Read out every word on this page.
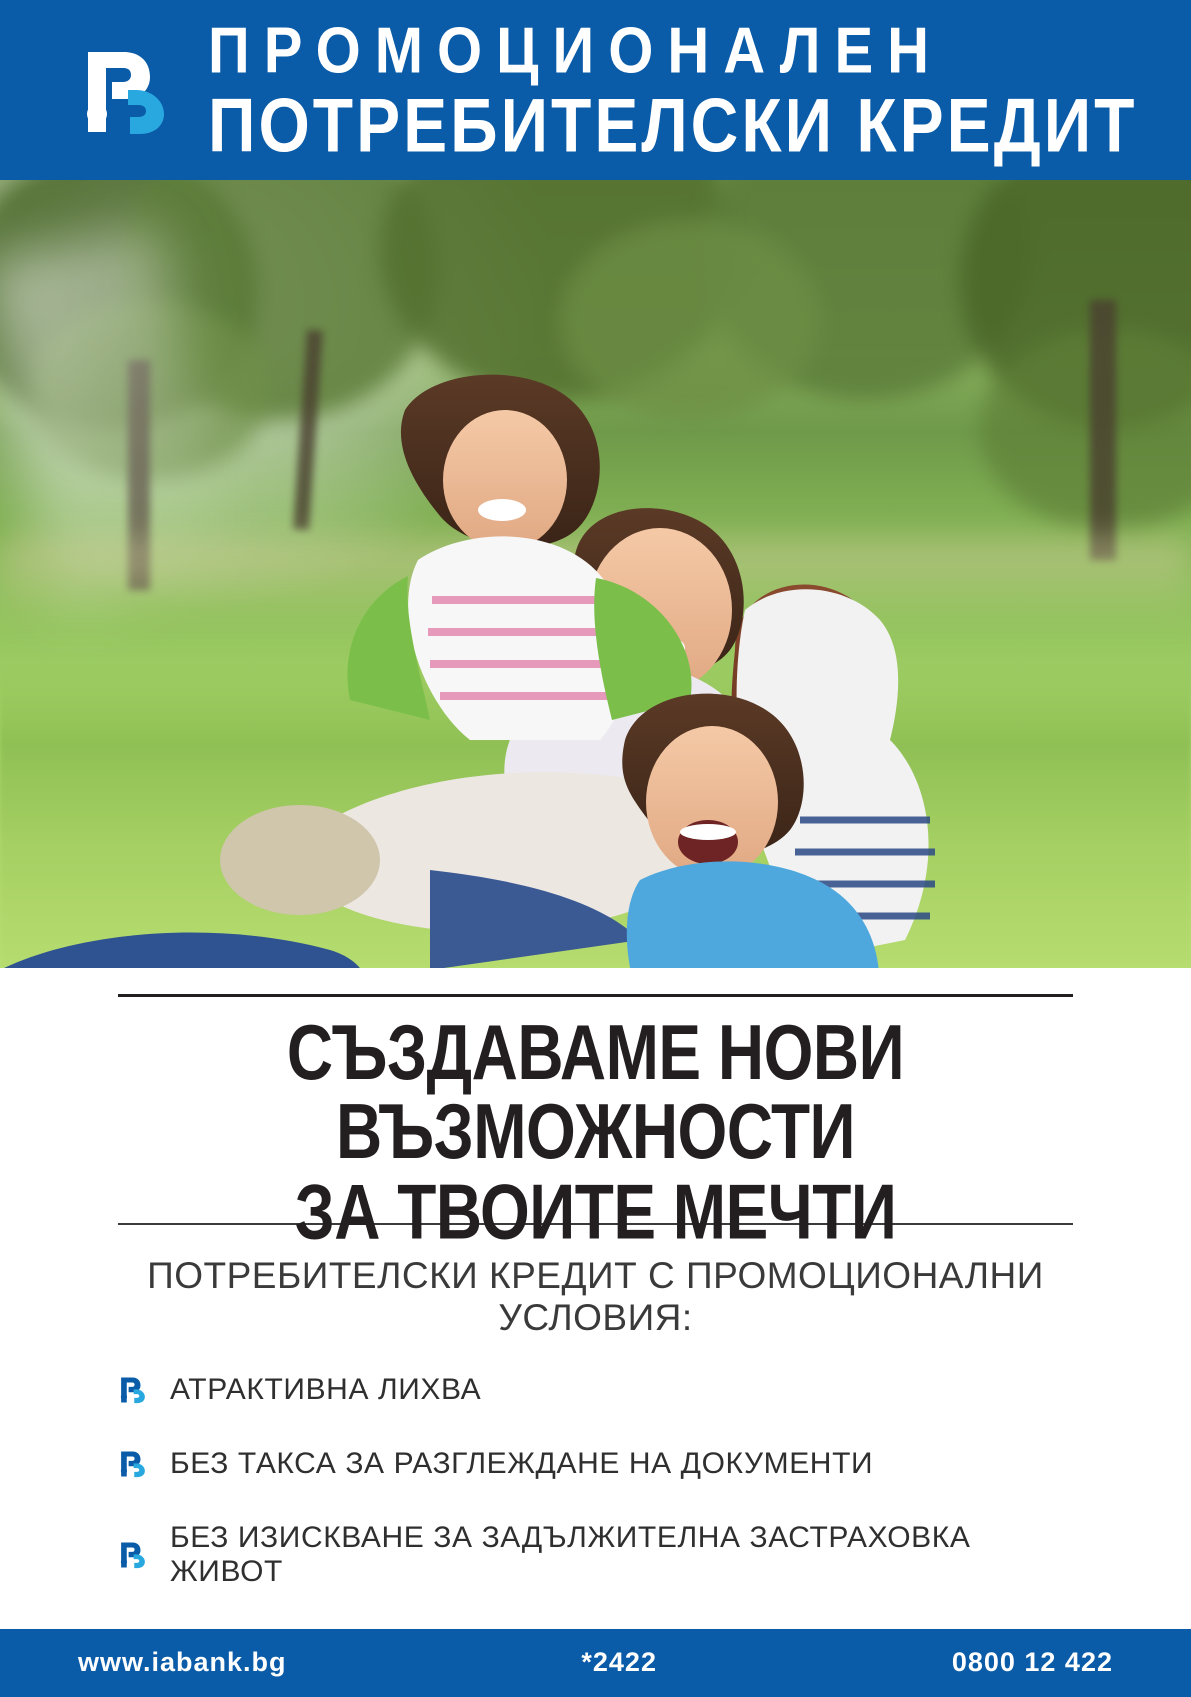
ПРОМОЦИОНАЛЕН
ПОТРЕБИТЕЛСКИ КРЕДИТ
СЪЗДАВАМЕ НОВИ ВЪЗМОЖНОСТИ
ЗА ТВОИТЕ МЕЧТИ
ПОТРЕБИТЕЛСКИ КРЕДИТ С ПРОМОЦИОНАЛНИ УСЛОВИЯ:
АТРАКТИВНА ЛИХВА
БЕЗ ТАКСА ЗА РАЗГЛЕЖДАНЕ НА ДОКУМЕНТИ
БЕЗ ИЗИСКВАНЕ ЗА ЗАДЪЛЖИТЕЛНА ЗАСТРАХОВКА ЖИВОТ
www.iabank.bg	*2422	0800 12 422
